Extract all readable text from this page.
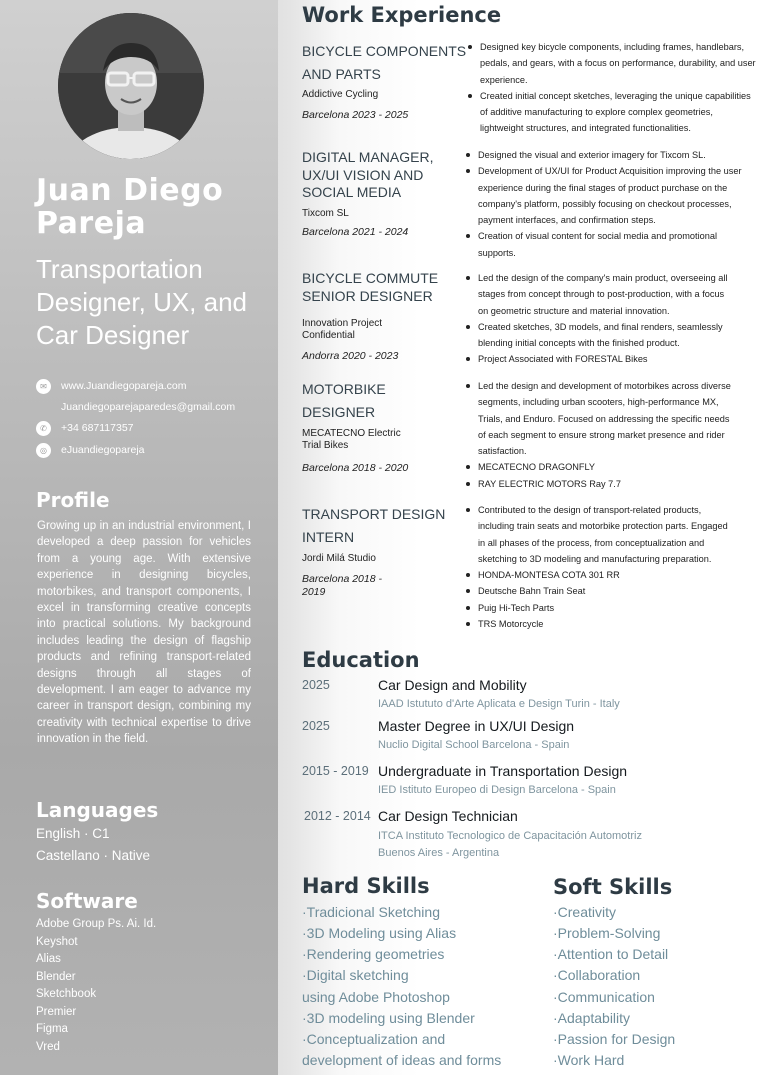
Juan Diego Pareja
Transportation Designer, UX, and Car Designer
✉	www.Juandiegopareja.com
Juandiegoparejaparedes@gmail.com
✆	+34 687117357
◎	eJuandiegopareja
Profile

Growing up in an industrial environment, I developed a deep passion for vehicles from a young age. With extensive experience in designing bicycles, motorbikes, and transport components, I excel in transforming creative concepts into practical solutions. My background includes leading the design of flagship products and refining transport-related designs through all stages of development. I am eager to advance my career in transport design, combining my creativity with technical expertise to drive innovation in the field.

Languages
English · C1
Castellano · Native
Software
Adobe Group Ps. Ai. Id.
Keyshot
Alias
Blender
Sketchbook
Premier
Figma
Vred
Work Experience
BICYCLE COMPONENTS AND PARTS
Addictive Cycling
Barcelona 2023 - 2025
Designed key bicycle components, including frames, handlebars, pedals, and gears, with a focus on performance, durability, and user experience.
Created initial concept sketches, leveraging the unique capabilities of additive manufacturing to explore complex geometries, lightweight structures, and integrated functionalities.
DIGITAL MANAGER, UX/UI VISION AND SOCIAL MEDIA
Tixcom SL
Barcelona 2021 - 2024
Designed the visual and exterior imagery for Tixcom SL.
Development of UX/UI for Product Acquisition improving the user experience during the final stages of product purchase on the company's platform, possibly focusing on checkout processes, payment interfaces, and confirmation steps.
Creation of visual content for social media and promotional supports.
BICYCLE COMMUTE SENIOR DESIGNER
Innovation Project Confidential
Andorra 2020 - 2023
Led the design of the company's main product, overseeing all stages from concept through to post-production, with a focus on geometric structure and material innovation.
Created sketches, 3D models, and final renders, seamlessly blending initial concepts with the finished product.
Project Associated with FORESTAL Bikes
MOTORBIKE DESIGNER
MECATECNO Electric Trial Bikes
Barcelona 2018 - 2020
Led the design and development of motorbikes across diverse segments, including urban scooters, high-performance MX, Trials, and Enduro. Focused on addressing the specific needs of each segment to ensure strong market presence and rider satisfaction.
MECATECNO DRAGONFLY
RAY ELECTRIC MOTORS Ray 7.7
TRANSPORT DESIGN INTERN
Jordi Milá Studio
Barcelona 2018 - 2019
Contributed to the design of transport-related products, including train seats and motorbike protection parts. Engaged in all phases of the process, from conceptualization and sketching to 3D modeling and manufacturing preparation.
HONDA-MONTESA COTA 301 RR
Deutsche Bahn Train Seat
Puig Hi-Tech Parts
TRS Motorcycle
Education
2025	Car Design and Mobility
IAAD Istututo d'Arte Aplicata e Design Turin - Italy
2025	Master Degree in UX/UI Design
Nuclio Digital School Barcelona - Spain
2015 - 2019 Undergraduate in Transportation Design
IED Istituto Europeo di Design Barcelona - Spain
2012 - 2014 Car Design Technician
ITCA Instituto Tecnologico de Capacitación Automotriz
Buenos Aires - Argentina
Hard Skills
·Tradicional Sketching
·3D Modeling using Alias
·Rendering geometries
·Digital sketching
using Adobe Photoshop
·3D modeling using Blender
·Conceptualization and
development of ideas and forms
Soft Skills
·Creativity
·Problem-Solving
·Attention to Detail
·Collaboration
·Communication
·Adaptability
·Passion for Design
·Work Hard
